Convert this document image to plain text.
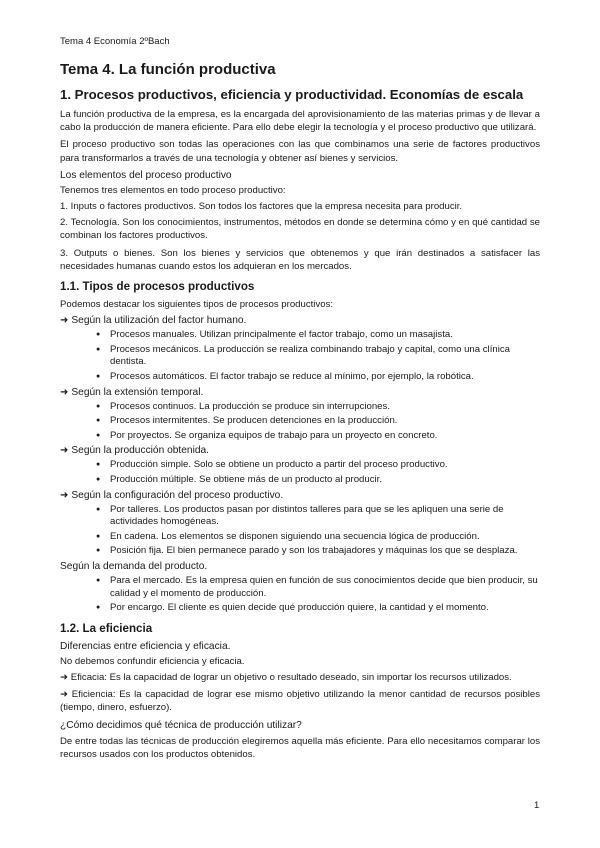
Tema 4 Economía 2ºBach
Tema 4. La función productiva
1. Procesos productivos, eficiencia y productividad. Economías de escala

La función productiva de la empresa, es la encargada del aprovisionamiento de las materias primas y de llevar a cabo la producción de manera eficiente. Para ello debe elegir la tecnología y el proceso productivo que utilizará.

El proceso productivo son todas las operaciones con las que combinamos una serie de factores productivos para transformarlos a través de una tecnología y obtener así bienes y servicios.

Los elementos del proceso productivo
Tenemos tres elementos en todo proceso productivo:
1. Inputs o factores productivos. Son todos los factores que la empresa necesita para producir.

2. Tecnología. Son los conocimientos, instrumentos, métodos en donde se determina cómo y en qué cantidad se combinan los factores productivos.

3. Outputs o bienes. Son los bienes y servicios que obtenemos y que irán destinados a satisfacer las necesidades humanas cuando estos los adquieran en los mercados.

1.1. Tipos de procesos productivos
Podemos destacar los siguientes tipos de procesos productivos:
➜ Según la utilización del factor humano.
● Procesos manuales. Utilizan principalmente el factor trabajo, como un masajista.
● Procesos mecánicos. La producción se realiza combinando trabajo y capital, como una clínica dentista.
● Procesos automáticos. El factor trabajo se reduce al mínimo, por ejemplo, la robótica.
➜ Según la extensión temporal.
● Procesos continuos. La producción se produce sin interrupciones.
● Procesos intermitentes. Se producen detenciones en la producción.
● Por proyectos. Se organiza equipos de trabajo para un proyecto en concreto.
➜ Según la producción obtenida.
● Producción simple. Solo se obtiene un producto a partir del proceso productivo.
● Producción múltiple. Se obtiene más de un producto al producir.
➜ Según la configuración del proceso productivo.
● Por talleres. Los productos pasan por distintos talleres para que se les apliquen una serie de actividades homogéneas.
● En cadena. Los elementos se disponen siguiendo una secuencia lógica de producción.
● Posición fija. El bien permanece parado y son los trabajadores y máquinas los que se desplaza.
Según la demanda del producto.
● Para el mercado. Es la empresa quien en función de sus conocimientos decide que bien producir, su calidad y el momento de producción.
● Por encargo. El cliente es quien decide qué producción quiere, la cantidad y el momento.
1.2. La eficiencia
Diferencias entre eficiencia y eficacia.
No debemos confundir eficiencia y eficacia.

➜ Eficacia: Es la capacidad de lograr un objetivo o resultado deseado, sin importar los recursos utilizados.

➜ Eficiencia: Es la capacidad de lograr ese mismo objetivo utilizando la menor cantidad de recursos posibles (tiempo, dinero, esfuerzo).

¿Cómo decidimos qué técnica de producción utilizar?

De entre todas las técnicas de producción elegiremos aquella más eficiente. Para ello necesitamos comparar los recursos usados con los productos obtenidos.

1
